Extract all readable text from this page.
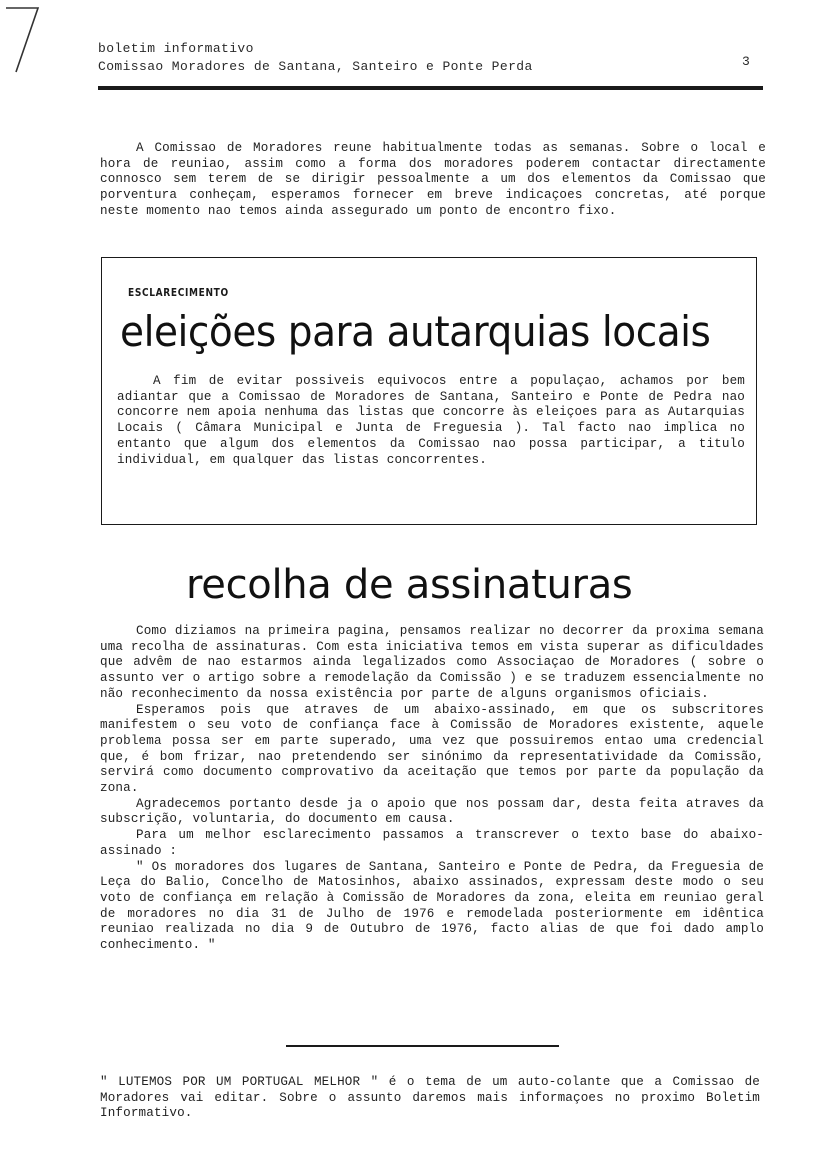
boletim informativo
Comissao Moradores de Santana, Santeiro e Ponte Perda	3

A Comissao de Moradores reune habitualmente todas as semanas. Sobre o local e hora de reuniao, assim como a forma dos moradores poderem contactar directamente connosco sem terem de se dirigir pessoalmente a um dos elementos da Comissao que porventura conheçam, esperamos fornecer em breve indicaçoes concretas, até porque neste momento nao temos ainda assegurado um ponto de encontro fixo.

ESCLARECIMENTO
eleições para autarquias locais

A fim de evitar possiveis equivocos entre a populaçao, achamos por bem adiantar que a Comissao de Moradores de Santana, Santeiro e Ponte de Pedra nao concorre nem apoia nenhuma das listas que concorre às eleiçoes para as Autarquias Locais ( Câmara Municipal e Junta de Freguesia ). Tal facto nao implica no entanto que algum dos elementos da Comissao nao possa participar, a titulo individual, em qualquer das listas concorrentes.

recolha de assinaturas

Como diziamos na primeira pagina, pensamos realizar no decorrer da proxima semana uma recolha de assinaturas. Com esta iniciativa temos em vista superar as dificuldades que advêm de nao estarmos ainda legalizados como Associaçao de Moradores ( sobre o assunto ver o artigo sobre a remodelação da Comissão ) e se traduzem essencialmente no não reconhecimento da nossa existência por parte de alguns organismos oficiais.

Esperamos pois que atraves de um abaixo-assinado, em que os subscritores manifestem o seu voto de confiança face à Comissão de Moradores existente, aquele problema possa ser em parte superado, uma vez que possuiremos entao uma credencial que, é bom frizar, nao pretendendo ser sinónimo da representatividade da Comissão, servirá como documento comprovativo da aceitação que temos por parte da população da zona.

Agradecemos portanto desde ja o apoio que nos possam dar, desta feita atraves da subscrição, voluntaria, do documento em causa.

Para um melhor esclarecimento passamos a transcrever o texto base do abaixo-assinado :

" Os moradores dos lugares de Santana, Santeiro e Ponte de Pedra, da Freguesia de Leça do Balio, Concelho de Matosinhos, abaixo assinados, expressam deste modo o seu voto de confiança em relação à Comissão de Moradores da zona, eleita em reuniao geral de moradores no dia 31 de Julho de 1976 e remodelada posteriormente em idêntica reuniao realizada no dia 9 de Outubro de 1976, facto alias de que foi dado amplo conhecimento. "

" LUTEMOS POR UM PORTUGAL MELHOR " é o tema de um auto-colante que a Comissao de Moradores vai editar. Sobre o assunto daremos mais informaçoes no proximo Boletim Informativo.
